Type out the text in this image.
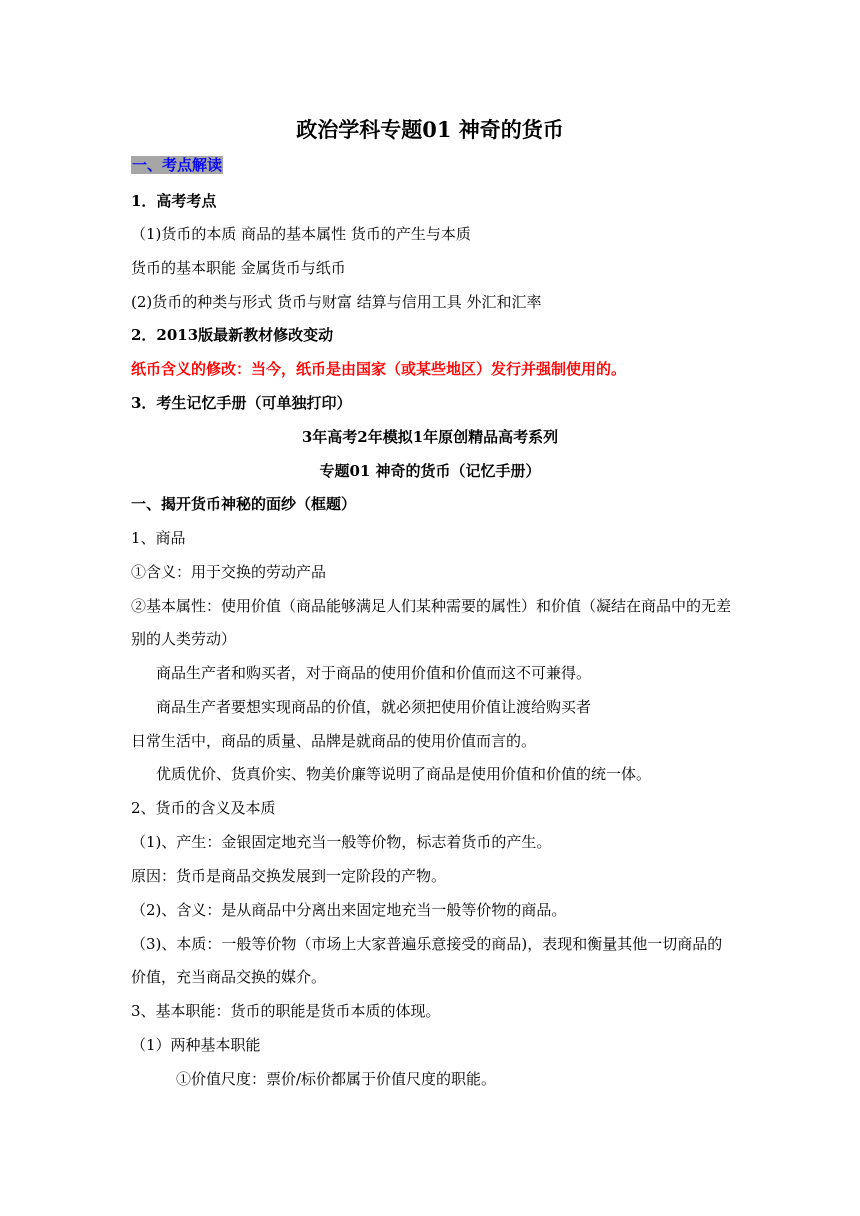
政治学科专题01 神奇的货币

一、考点解读

1．高考考点

（1)货币的本质 商品的基本属性 货币的产生与本质

货币的基本职能 金属货币与纸币

(2)货币的种类与形式 货币与财富 结算与信用工具 外汇和汇率

2．2013版最新教材修改变动

纸币含义的修改：当今，纸币是由国家（或某些地区）发行并强制使用的。

3．考生记忆手册（可单独打印）

3年高考2年模拟1年原创精品高考系列

专题01 神奇的货币（记忆手册）

一、揭开货币神秘的面纱（框题）

1、商品

①含义：用于交换的劳动产品

②基本属性：使用价值（商品能够满足人们某种需要的属性）和价值（凝结在商品中的无差

别的人类劳动）

商品生产者和购买者，对于商品的使用价值和价值而这不可兼得。

商品生产者要想实现商品的价值，就必须把使用价值让渡给购买者

日常生活中，商品的质量、品牌是就商品的使用价值而言的。

优质优价、货真价实、物美价廉等说明了商品是使用价值和价值的统一体。

2、货币的含义及本质

（1)、产生：金银固定地充当一般等价物，标志着货币的产生。

原因：货币是商品交换发展到一定阶段的产物。

（2)、含义：是从商品中分离出来固定地充当一般等价物的商品。

（3)、本质：一般等价物（市场上大家普遍乐意接受的商品)，表现和衡量其他一切商品的

价值，充当商品交换的媒介。

3、基本职能：货币的职能是货币本质的体现。

（1）两种基本职能

①价值尺度：票价/标价都属于价值尺度的职能。
